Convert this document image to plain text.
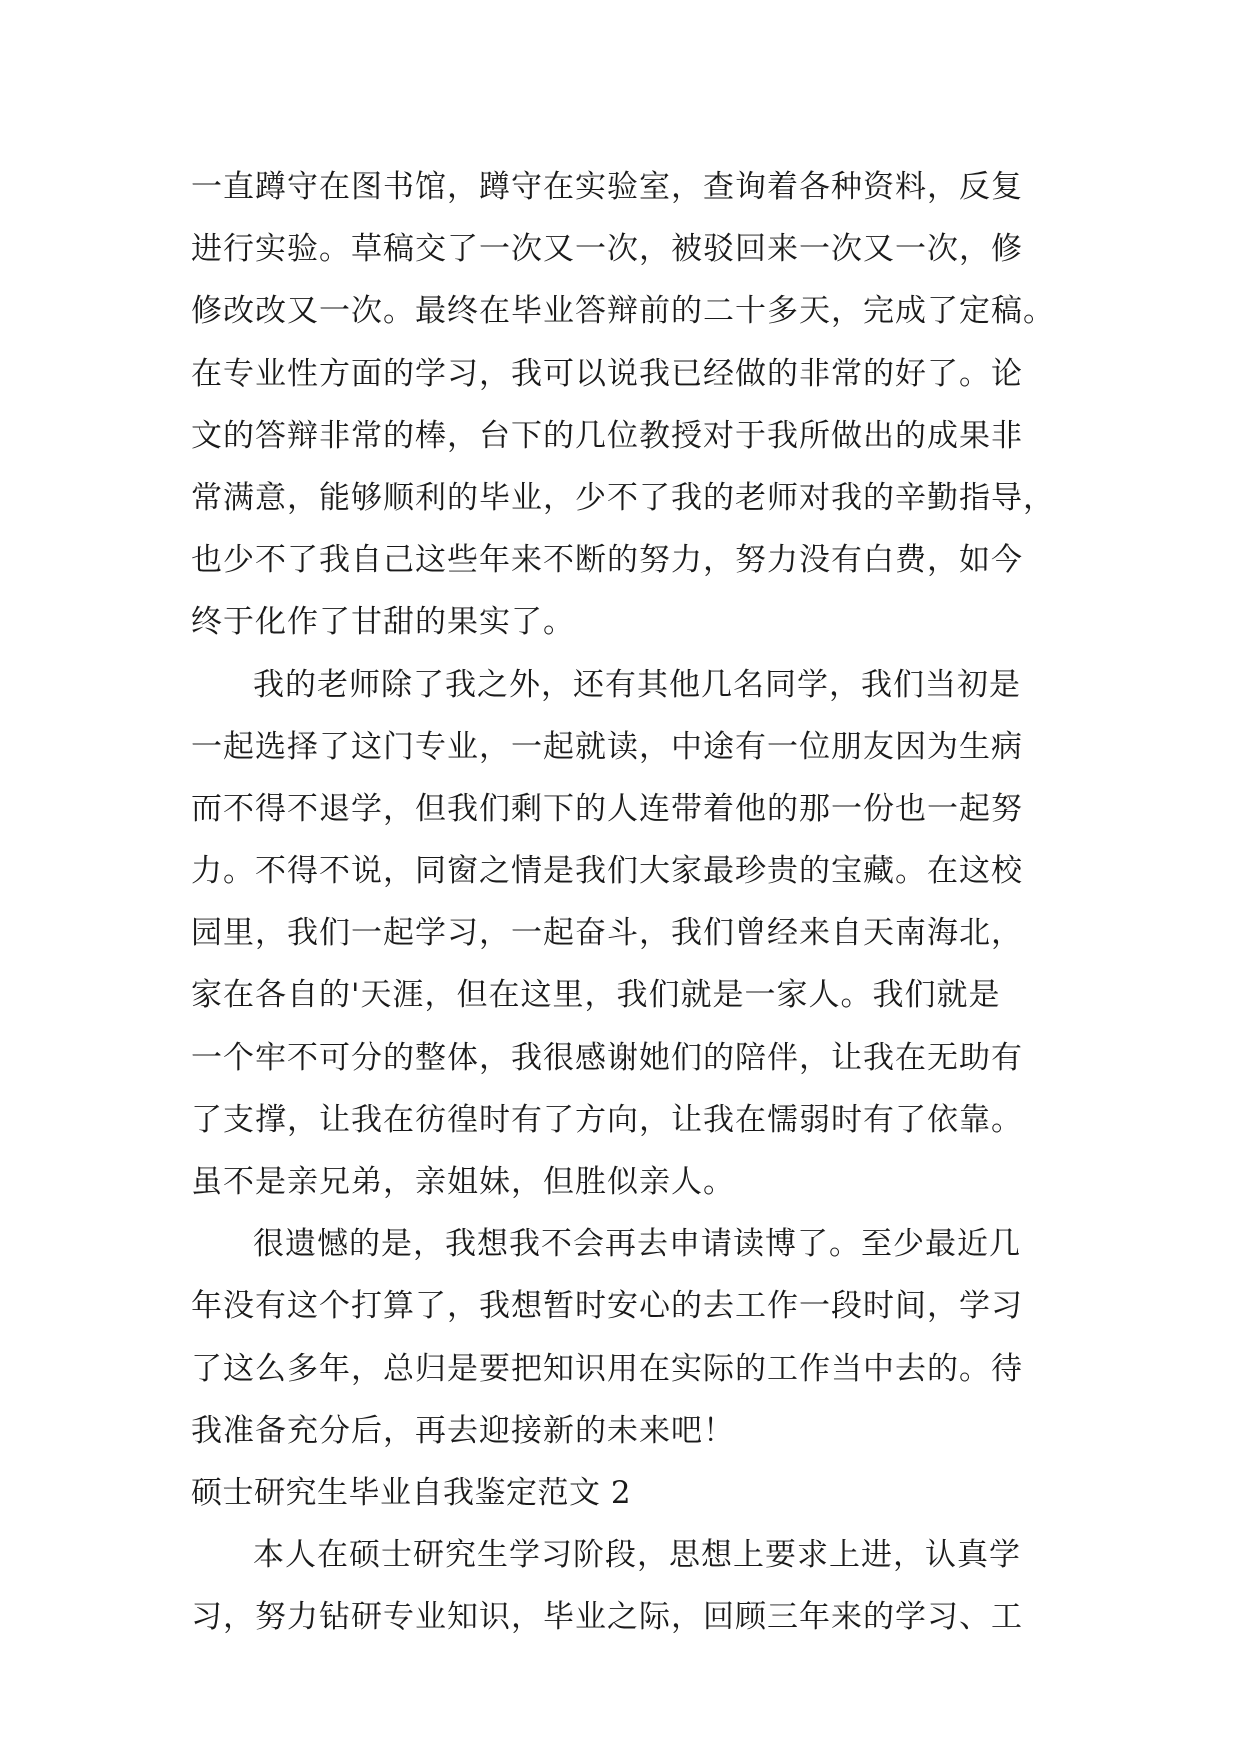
一直蹲守在图书馆，蹲守在实验室，查询着各种资料，反复
进行实验。草稿交了一次又一次，被驳回来一次又一次，修
修改改又一次。最终在毕业答辩前的二十多天，完成了定稿。
在专业性方面的学习，我可以说我已经做的非常的好了。论
文的答辩非常的棒，台下的几位教授对于我所做出的成果非
常满意，能够顺利的毕业，少不了我的老师对我的辛勤指导，
也少不了我自己这些年来不断的努力，努力没有白费，如今
终于化作了甘甜的果实了。
我的老师除了我之外，还有其他几名同学，我们当初是
一起选择了这门专业，一起就读，中途有一位朋友因为生病
而不得不退学，但我们剩下的人连带着他的那一份也一起努
力。不得不说，同窗之情是我们大家最珍贵的宝藏。在这校
园里，我们一起学习，一起奋斗，我们曾经来自天南海北，
家在各自的'天涯，但在这里，我们就是一家人。我们就是
一个牢不可分的整体，我很感谢她们的陪伴，让我在无助有
了支撑，让我在彷徨时有了方向，让我在懦弱时有了依靠。
虽不是亲兄弟，亲姐妹，但胜似亲人。
很遗憾的是，我想我不会再去申请读博了。至少最近几
年没有这个打算了，我想暂时安心的去工作一段时间，学习
了这么多年，总归是要把知识用在实际的工作当中去的。待
我准备充分后，再去迎接新的未来吧！
硕士研究生毕业自我鉴定范文 2
本人在硕士研究生学习阶段，思想上要求上进，认真学
习，努力钻研专业知识，毕业之际，回顾三年来的学习、工
